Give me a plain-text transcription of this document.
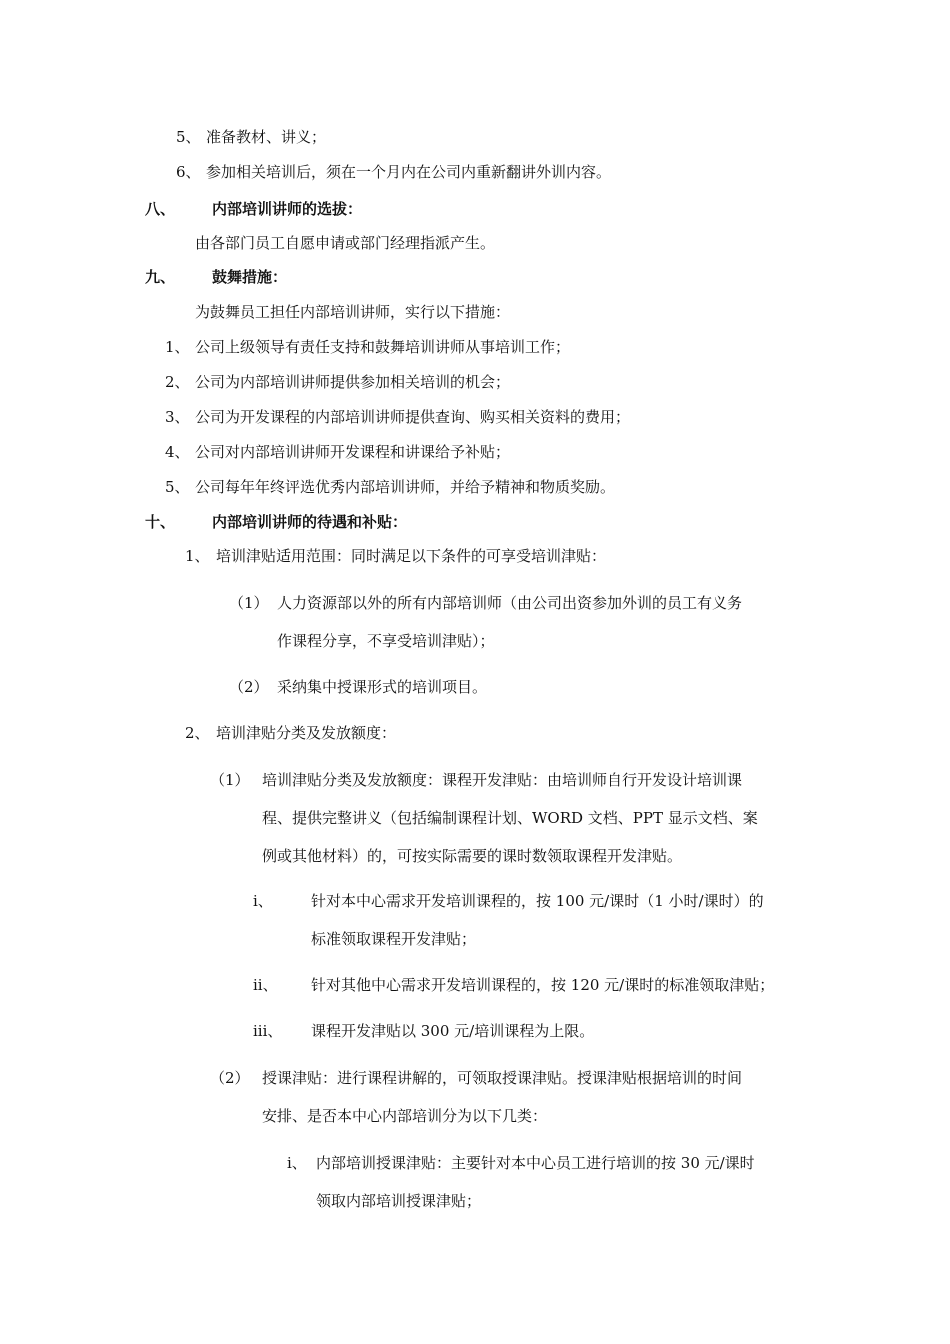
5、 准备教材、讲义；
6、 参加相关培训后，须在一个月内在公司内重新翻讲外训内容。
八、 内部培训讲师的选拔：
由各部门员工自愿申请或部门经理指派产生。
九、 鼓舞措施：
为鼓舞员工担任内部培训讲师，实行以下措施：
1、 公司上级领导有责任支持和鼓舞培训讲师从事培训工作；
2、 公司为内部培训讲师提供参加相关培训的机会；
3、 公司为开发课程的内部培训讲师提供查询、购买相关资料的费用；
4、 公司对内部培训讲师开发课程和讲课给予补贴；
5、 公司每年年终评选优秀内部培训讲师，并给予精神和物质奖励。
十、 内部培训讲师的待遇和补贴：
1、 培训津贴适用范围：同时满足以下条件的可享受培训津贴：
（1） 人力资源部以外的所有内部培训师（由公司出资参加外训的员工有义务
作课程分享，不享受培训津贴）；
（2） 采纳集中授课形式的培训项目。
2、 培训津贴分类及发放额度：
（1） 培训津贴分类及发放额度：课程开发津贴：由培训师自行开发设计培训课
程、提供完整讲义（包括编制课程计划、WORD 文档、PPT 显示文档、案
例或其他材料）的，可按实际需要的课时数领取课程开发津贴。
i、	针对本中心需求开发培训课程的，按 100 元/课时（1 小时/课时）的
标准领取课程开发津贴；
ii、 针对其他中心需求开发培训课程的，按 120 元/课时的标准领取津贴；
iii、 课程开发津贴以 300 元/培训课程为上限。
（2） 授课津贴：进行课程讲解的，可领取授课津贴。授课津贴根据培训的时间
安排、是否本中心内部培训分为以下几类：
i、 内部培训授课津贴：主要针对本中心员工进行培训的按 30 元/课时
领取内部培训授课津贴；
